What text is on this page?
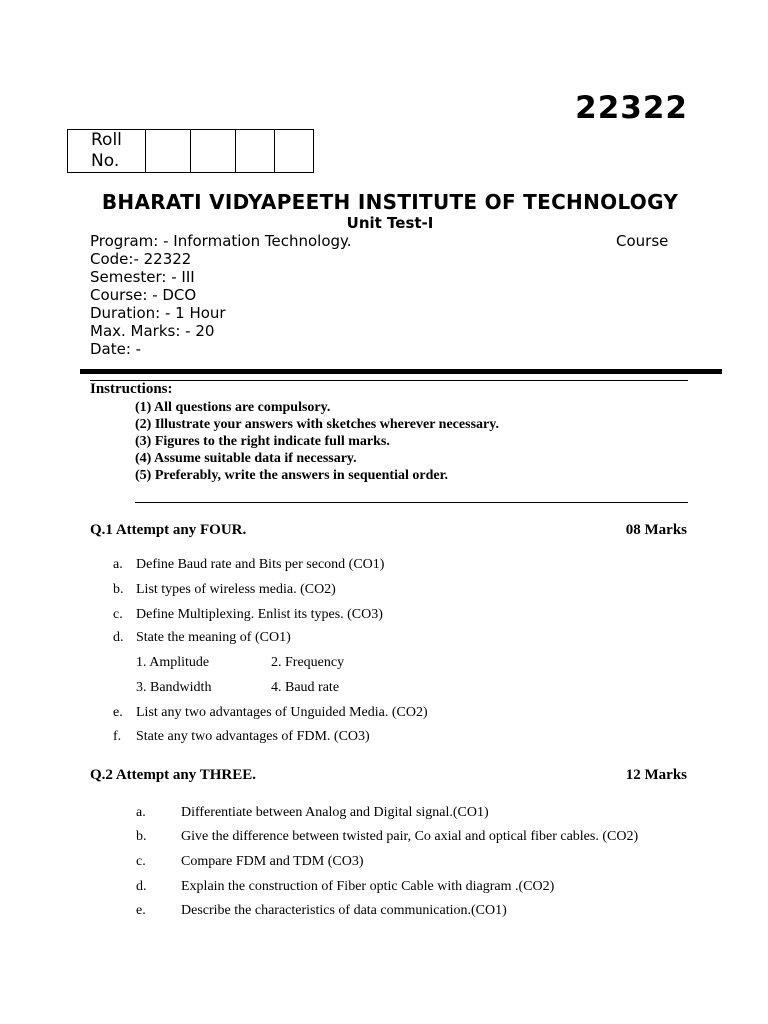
22322
Roll
No.				
BHARATI VIDYAPEETH INSTITUTE OF TECHNOLOGY
Unit Test-I
Program: - Information Technology.	Course
Code:- 22322
Semester: - III
Course: - DCO
Duration: - 1 Hour
Max. Marks: - 20
Date: -
Instructions:
(1) All questions are compulsory.
(2) Illustrate your answers with sketches wherever necessary.
(3) Figures to the right indicate full marks.
(4) Assume suitable data if necessary.
(5) Preferably, write the answers in sequential order.
Q.1 Attempt any FOUR.	08 Marks
a. Define Baud rate and Bits per second (CO1)
b. List types of wireless media. (CO2)
c. Define Multiplexing. Enlist its types. (CO3)
d. State the meaning of (CO1)
1. Amplitude	2. Frequency
3. Bandwidth	4. Baud rate
e. List any two advantages of Unguided Media. (CO2)
f. State any two advantages of FDM. (CO3)
Q.2 Attempt any THREE.	12 Marks
a.	Differentiate between Analog and Digital signal.(CO1)
b. Give the difference between twisted pair, Co axial and optical fiber cables. (CO2)
c.	Compare FDM and TDM (CO3)
d. Explain the construction of Fiber optic Cable with diagram .(CO2)
e.	Describe the characteristics of data communication.(CO1)
